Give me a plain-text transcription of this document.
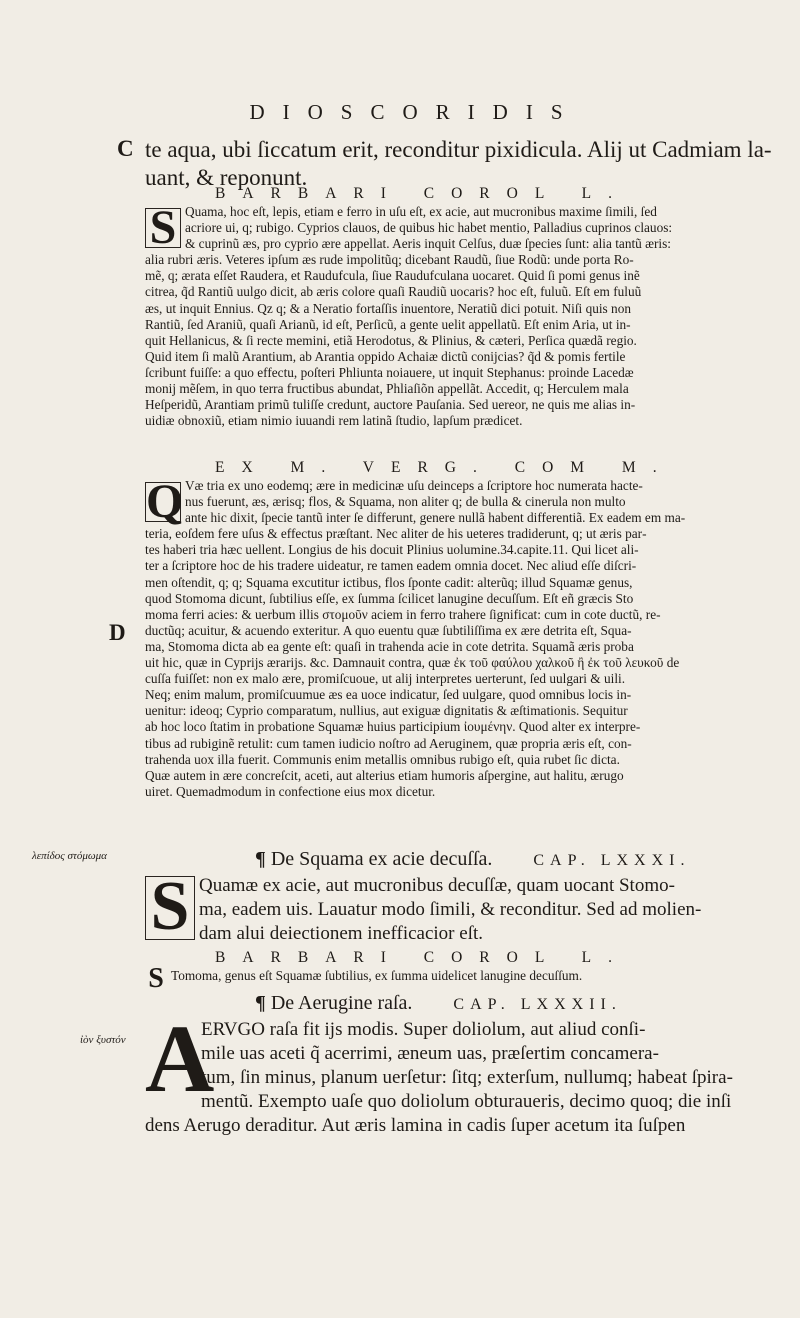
DIOSCORIDIS
C
D
λεπίδος στόμωμα
ἰὸν ξυστόν
te aqua, ubi ſiccatum erit, reconditur pixidicula. Alij ut Cadmiam la‑
uant, & reponunt.
BARBARI COROL L.
S Quama, hoc eſt, lepis, etiam e ferro in uſu eſt, ex acie, aut mucronibus maxime ſimili, ſed
acriore ui, q; rubigo. Cyprios clauos, de quibus hic habet mentio, Palladius cuprinos clauos:
& cuprinũ æs, pro cyprio ære appellat. Aeris inquit Celſus, duæ ſpecies ſunt: alia tantũ æris:
alia rubri æris. Veteres ipſum æs rude impolitũq; dicebant Raudũ, ſiue Rodũ: unde porta Ro‑
mẽ, q; ærata eſſet Raudera, et Raudufcula, ſiue Raudufculana uocaret. Quid ſi pomi genus inẽ
citrea, q̃d Rantiũ uulgo dicit, ab æris colore quaſi Raudiũ uocaris? hoc eſt, fuluũ. Eſt em fuluũ
æs, ut inquit Ennius. Qz q; & a Neratio fortaſſis inuentore, Neratiũ dici potuit. Niſi quis non
Rantiũ, ſed Araniũ, quaſi Arianũ, id eſt, Perſicũ, a gente uelit appellatũ. Eſt enim Aria, ut in‑
quit Hellanicus, & ſi recte memini, etiã Herodotus, & Plinius, & cæteri, Perſica quædã regio.
Quid item ſi malũ Arantium, ab Arantia oppido Achaiæ dictũ conijcias? q̃d & pomis fertile
ſcribunt fuiſſe: a quo effectu, poſteri Phliunta noiauere, ut inquit Stephanus: proinde Lacedæ
monij mẽſem, in quo terra fructibus abundat, Phliaſiõn appellãt. Accedit, q; Herculem mala
Heſperidũ, Arantiam primũ tuliſſe credunt, auctore Pauſania. Sed uereor, ne quis me alias in‑
uidiæ obnoxiũ, etiam nimio iuuandi rem latinã ſtudio, lapſum prædicet.
EX M. VERG. COM M.
Q Væ tria ex uno eodemq; ære in medicinæ uſu deinceps a ſcriptore hoc numerata hacte‑
nus fuerunt, æs, ærisq; flos, & Squama, non aliter q; de bulla & cinerula non multo
ante hic dixit, ſpecie tantũ inter ſe differunt, genere nullã habent differentiã. Ex eadem em ma‑
teria, eoſdem fere uſus & effectus præſtant. Nec aliter de his ueteres tradiderunt, q; ut æris par‑
tes haberi tria hæc uellent. Longius de his docuit Plinius uolumine.34.capite.11. Qui licet ali‑
ter a ſcriptore hoc de his tradere uideatur, re tamen eadem omnia docet. Nec aliud eſſe diſcri‑
men oſtendit, q; q; Squama excutitur ictibus, flos ſponte cadit: alterũq; illud Squamæ genus,
quod Stomoma dicunt, ſubtilius eſſe, ex ſumma ſcilicet lanugine decuſſum. Eſt eñ græcis Sto
moma ferri acies: & uerbum illis στομοῦν aciem in ferro trahere ſignificat: cum in cote ductũ, re‑
ductũq; acuitur, & acuendo exteritur. A quo euentu quæ ſubtiliſſima ex ære detrita eſt, Squa‑
ma, Stomoma dicta ab ea gente eſt: quaſi in trahenda acie in cote detrita. Squamã æris proba
uit hic, quæ in Cyprijs ærarijs. &c. Damnauit contra, quæ ἐκ τοῦ φαύλου χαλκοῦ ἢ ἐκ τοῦ λευκοῦ de
cuſſa fuiſſet: non ex malo ære, promiſcuoue, ut alij interpretes uerterunt, ſed uulgari & uili.
Neq; enim malum, promiſcuumue æs ea uoce indicatur, ſed uulgare, quod omnibus locis in‑
uenitur: ideoq; Cyprio comparatum, nullius, aut exiguæ dignitatis & æſtimationis. Sequitur
ab hoc loco ſtatim in probatione Squamæ huius participium ἰουμένην. Quod alter ex interpre‑
tibus ad rubiginẽ retulit: cum tamen iudicio noſtro ad Aeruginem, quæ propria æris eſt, con‑
trahenda uox illa fuerit. Communis enim metallis omnibus rubigo eſt, quia rubet ſic dicta.
Quæ autem in ære concreſcit, aceti, aut alterius etiam humoris aſpergine, aut halitu, ærugo
uiret. Quemadmodum in confectione eius mox dicetur.
¶ De Squama ex acie decuſſa.	CAP. LXXXI.
S Quamæ ex acie, aut mucronibus decuſſæ, quam uocant Stomo‑
ma, eadem uis. Lauatur modo ſimili, & reconditur. Sed ad molien‑
dam alui deiectionem inefficacior eſt.
BARBARI COROL L.
S Tomoma, genus eſt Squamæ ſubtilius, ex ſumma uidelicet lanugine decuſſum.
¶ De Aerugine raſa.	CAP. LXXXII.
A
ERVGO raſa fit ijs modis. Super doliolum, aut aliud conſi‑
mile uas aceti q̃ acerrimi, æneum uas, præſertim concamera‑
tum, ſin minus, planum uerſetur: ſitq; exterſum, nullumq; habeat ſpira‑
mentũ. Exempto uaſe quo doliolum obturaueris, decimo quoq; die inſi
dens Aerugo deraditur. Aut æris lamina in cadis ſuper acetum ita ſuſpen
